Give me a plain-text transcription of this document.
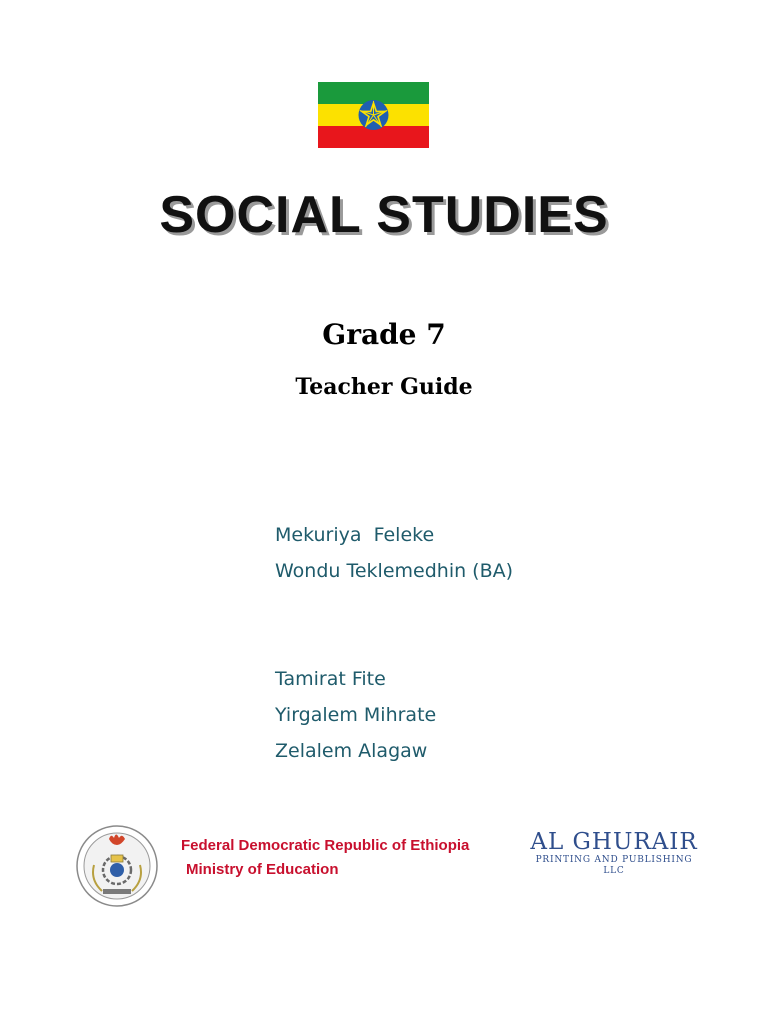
SOCIAL STUDIES
Grade 7
Teacher Guide
Mekuriya  Feleke
Wondu Teklemedhin (BA)
Tamirat Fite
Yirgalem Mihrate
Zelalem Alagaw
Federal Democratic Republic of Ethiopia
Ministry of Education
AL GHURAIR
PRINTING AND PUBLISHING LLC
